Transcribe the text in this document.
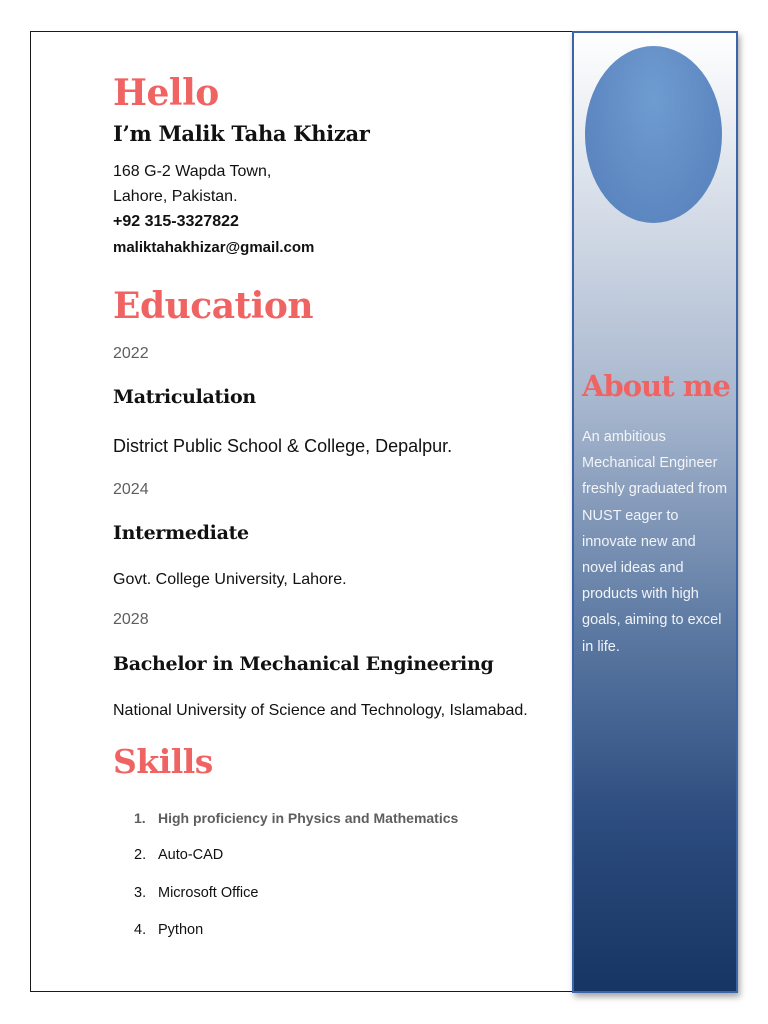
Hello
I’m Malik Taha Khizar

168 G-2 Wapda Town,

Lahore, Pakistan.

+92 315-3327822

maliktahakhizar@gmail.com

Education

2022

Matriculation

District Public School & College, Depalpur.

2024

Intermediate

Govt. College University, Lahore.

2028

Bachelor in Mechanical Engineering

National University of Science and Technology, Islamabad.

Skills
1. High proficiency in Physics and Mathematics
2. Auto-CAD
3. Microsoft Office
4. Python
About me

An ambitious Mechanical Engineer freshly graduated from NUST eager to innovate new and novel ideas and products with high goals, aiming to excel in life.
